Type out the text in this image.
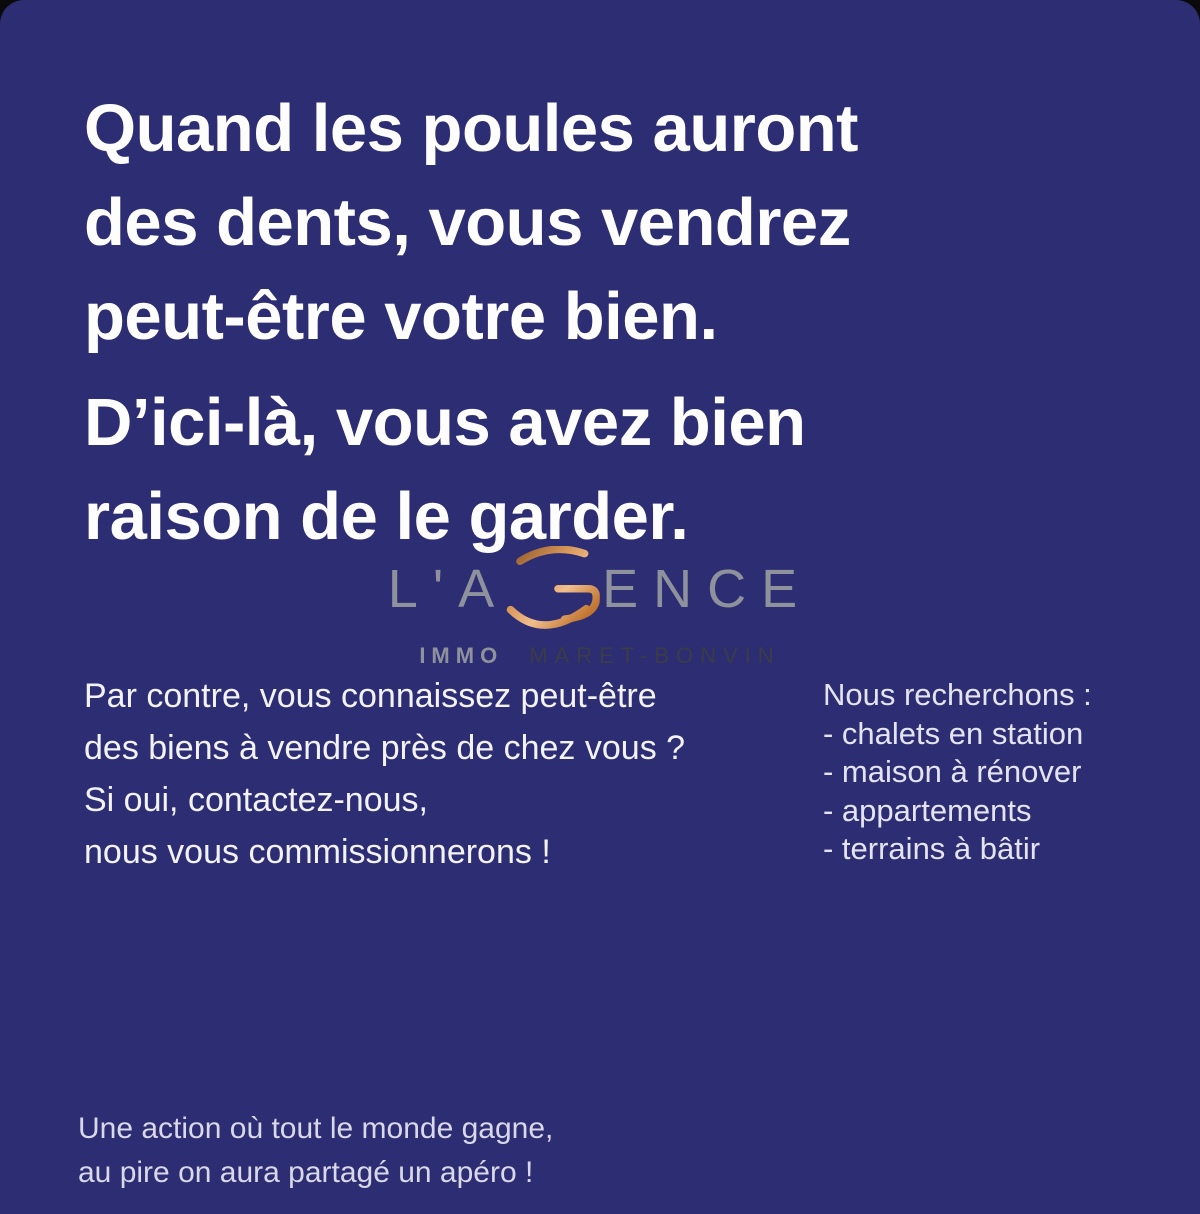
Quand les poules auront
des dents, vous vendrez
peut-être votre bien.
D’ici-là, vous avez bien
raison de le garder.
L'A ENCE
IMMO MARET-BONVIN

Par contre, vous connaissez peut-être
des biens à vendre près de chez vous ?
Si oui, contactez-nous,
nous vous commissionnerons !

Nous recherchons :
- chalets en station
- maison à rénover
- appartements
- terrains à bâtir

Une action où tout le monde gagne,
au pire on aura partagé un apéro !
